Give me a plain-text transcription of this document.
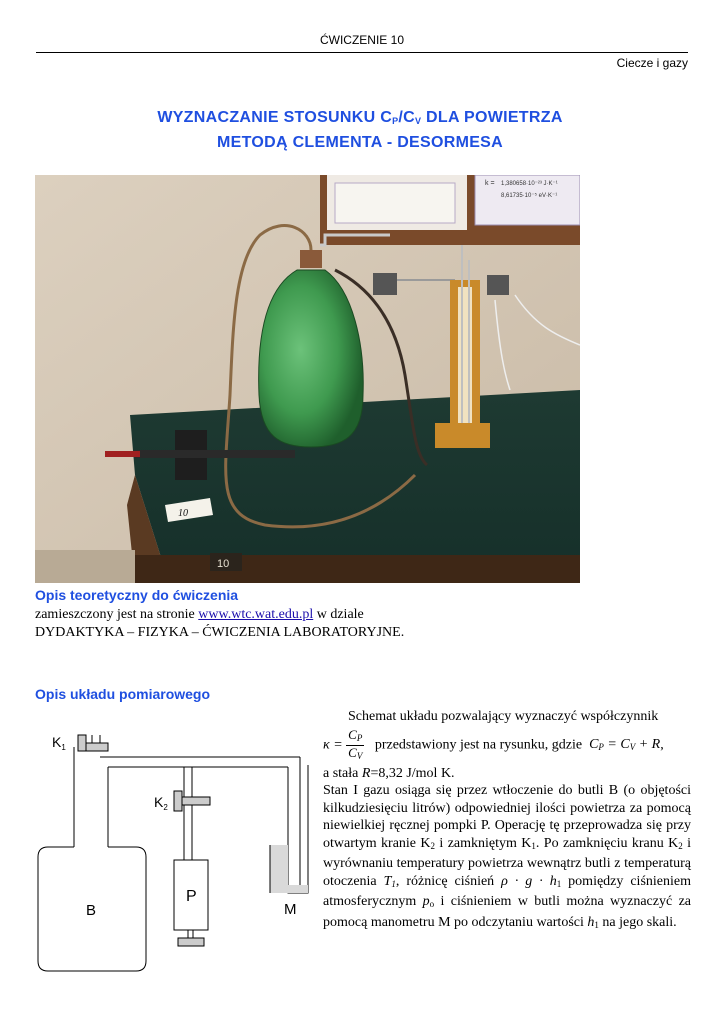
ĆWICZENIE 10
Ciecze i gazy
WYZNACZANIE STOSUNKU $C_P/C_V$ DLA POWIETRZA
METODĄ CLEMENTA - DESORMESA
k = 1,380658·10⁻²³ J·K⁻¹
8,61735·10⁻⁵ eV·K⁻¹
10
10
Opis teoretyczny do ćwiczenia
zamieszczony jest na stronie www.wtc.wat.edu.pl w dziale
DYDAKTYKA – FIZYKA – ĆWICZENIA LABORATORYJNE.
Opis układu pomiarowego
$K_1$
$K_2$
P
B	M

Schemat układu pozwalający wyznaczyć współczynnik

$\kappa = \frac{CP}{CV}$ przedstawiony jest na rysunku, gdzie CP = CV + R,

a stała R=8,32 J/mol K.

Stan I gazu osiąga się przez wtłoczenie do butli B (o objętości kilkudziesięciu litrów) odpowiedniej ilości powietrza za pomocą niewielkiej ręcznej pompki P. Operację tę przeprowadza się przy otwartym kranie K2 i zamkniętym K1. Po zamknięciu kranu K2 i wyrównaniu temperatury powietrza wewnątrz butli z temperaturą otoczenia T1, różnicę ciśnień ρ · g · h1 pomiędzy ciśnieniem atmosferycznym po i ciśnieniem w butli można wyznaczyć za pomocą manometru M po odczytaniu wartości h1 na jego skali.
